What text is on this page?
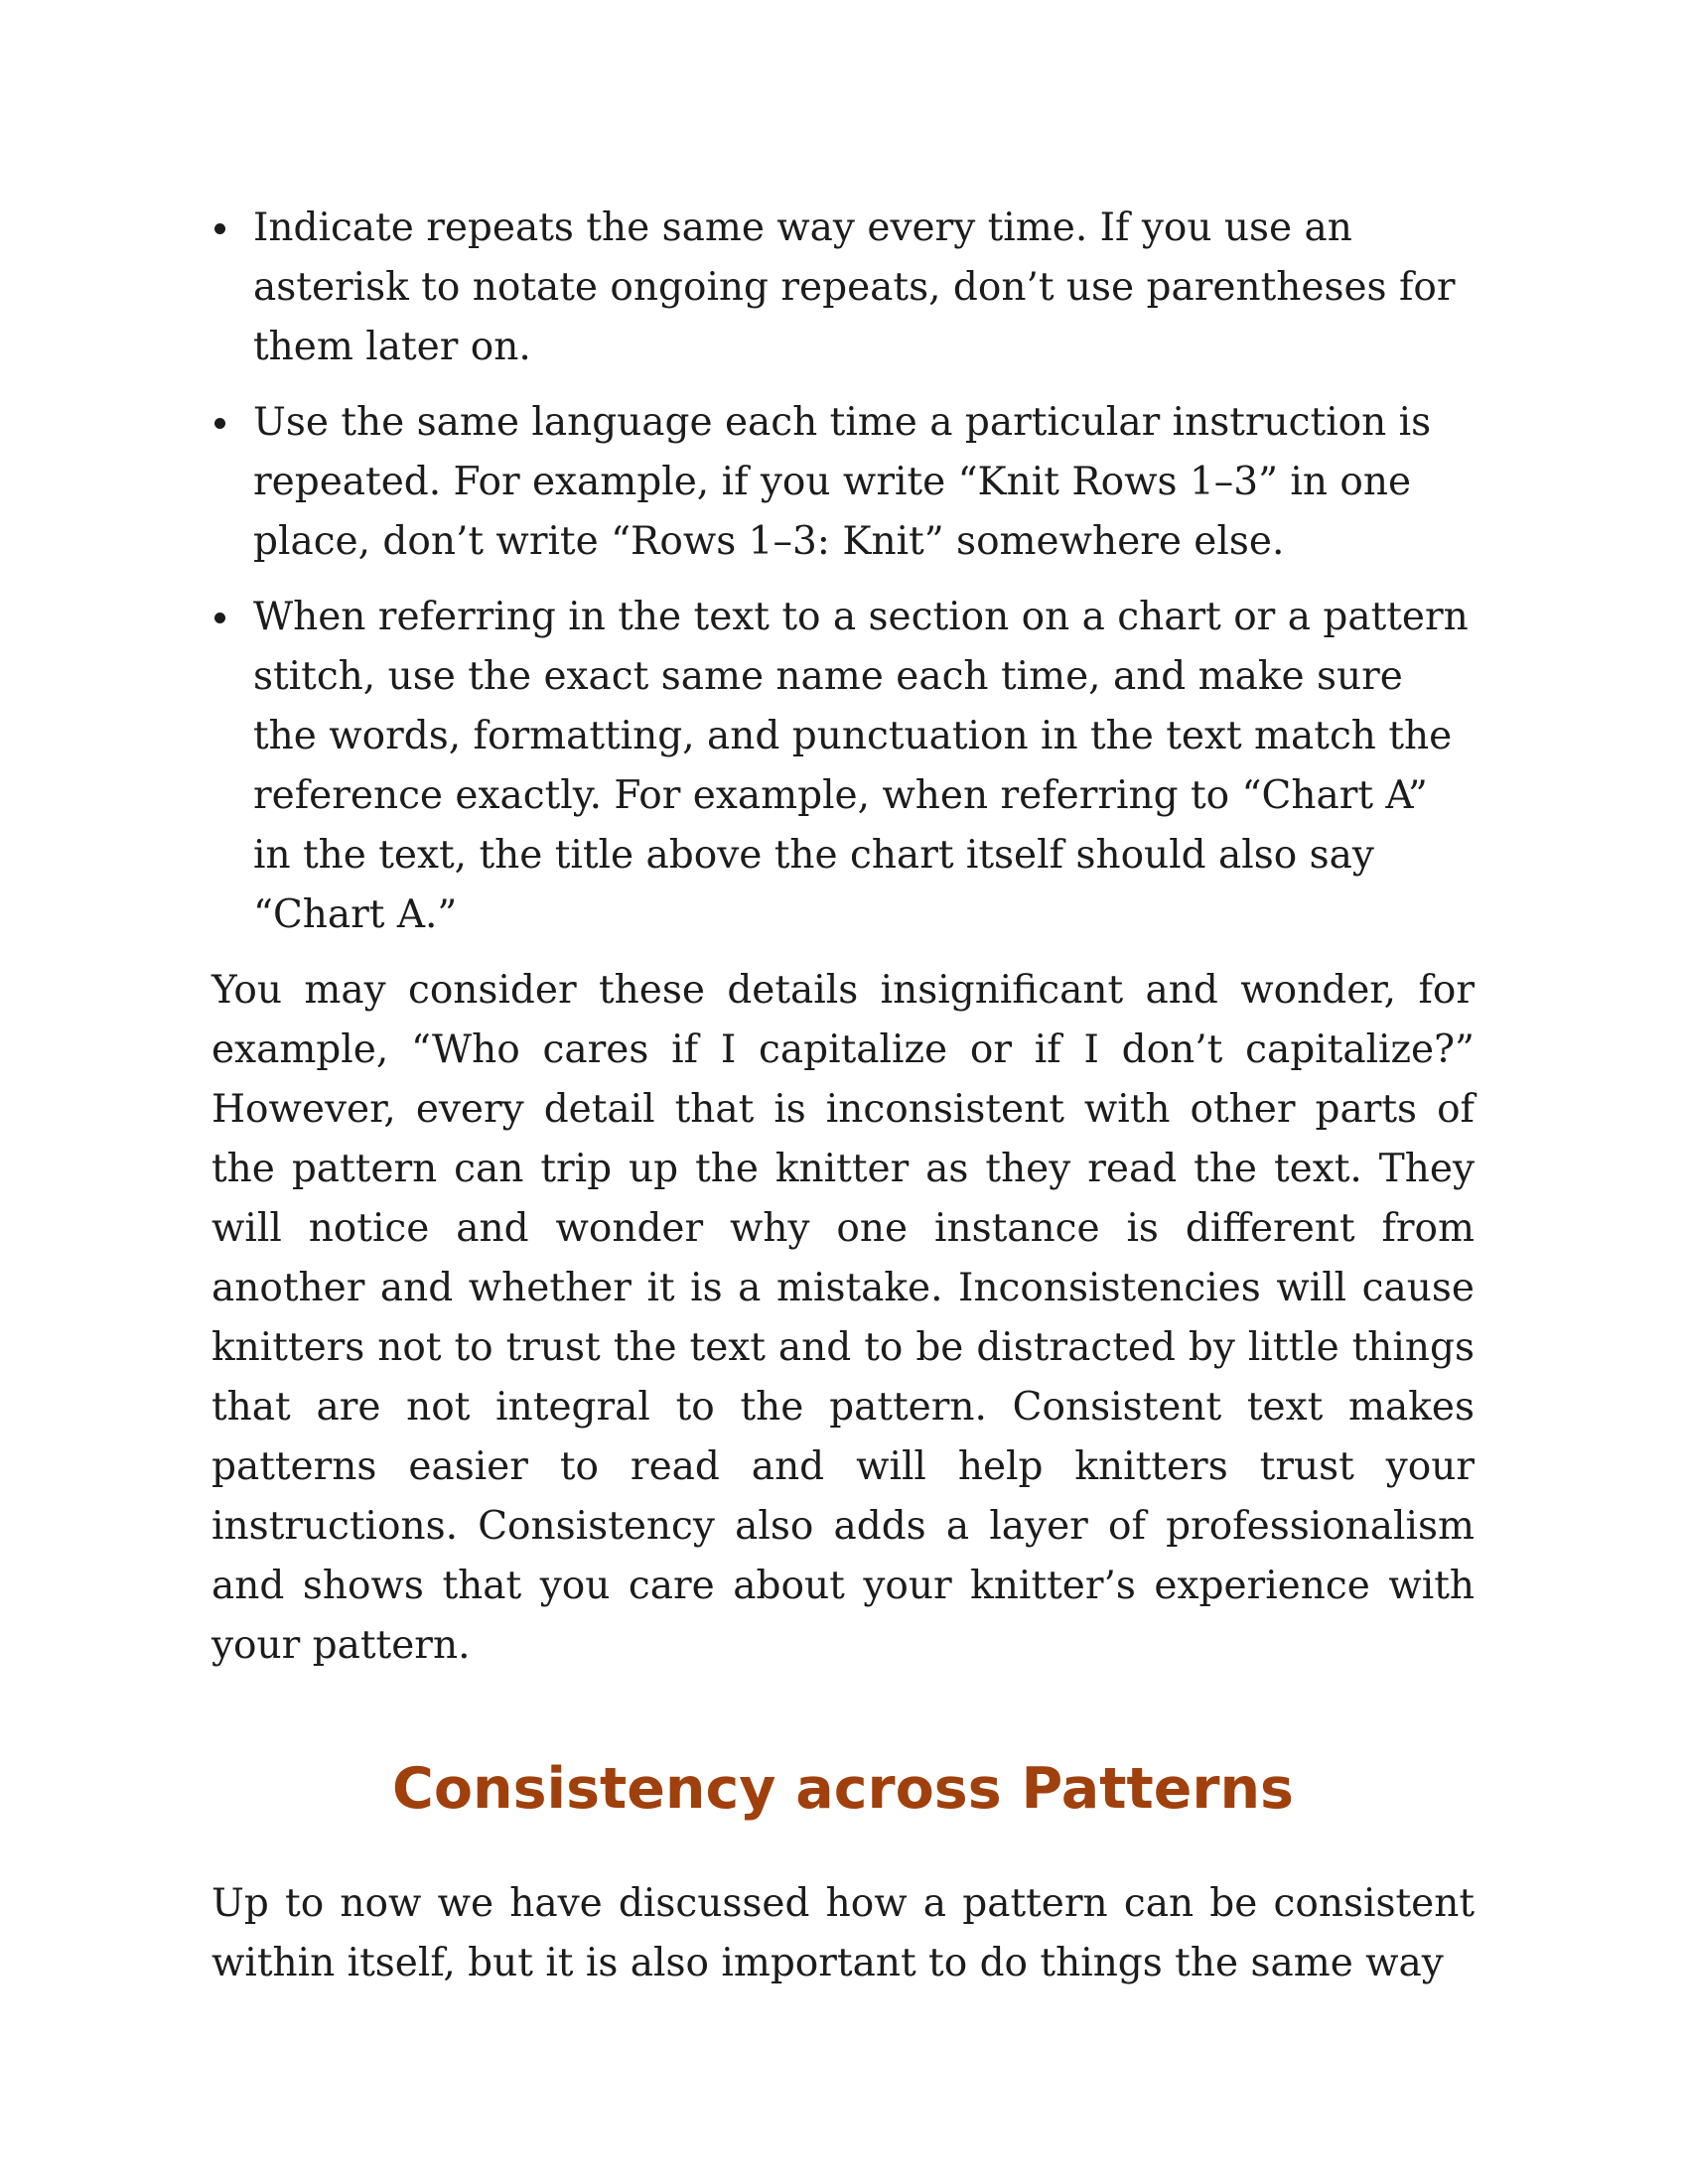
Indicate repeats the same way every time. If you use an asterisk to notate ongoing repeats, don’t use parentheses for them later on.
Use the same language each time a particular instruction is repeated. For example, if you write “Knit Rows 1–3” in one place, don’t write “Rows 1–3: Knit” somewhere else.
When referring in the text to a section on a chart or a pattern stitch, use the exact same name each time, and make sure the words, formatting, and punctuation in the text match the reference exactly. For example, when referring to “Chart A” in the text, the title above the chart itself should also say “Chart A.”

You may consider these details insignificant and wonder, for example, “Who cares if I capitalize or if I don’t capitalize?” However, every detail that is inconsistent with other parts of the pattern can trip up the knitter as they read the text. They will notice and wonder why one instance is different from another and whether it is a mistake. Inconsistencies will cause knitters not to trust the text and to be distracted by little things that are not integral to the pattern. Consistent text makes patterns easier to read and will help knitters trust your instructions. Consistency also adds a layer of professionalism and shows that you care about your knitter’s experience with your pattern.

Consistency across Patterns

Up to now we have discussed how a pattern can be consistent within itself, but it is also important to do things the same way
